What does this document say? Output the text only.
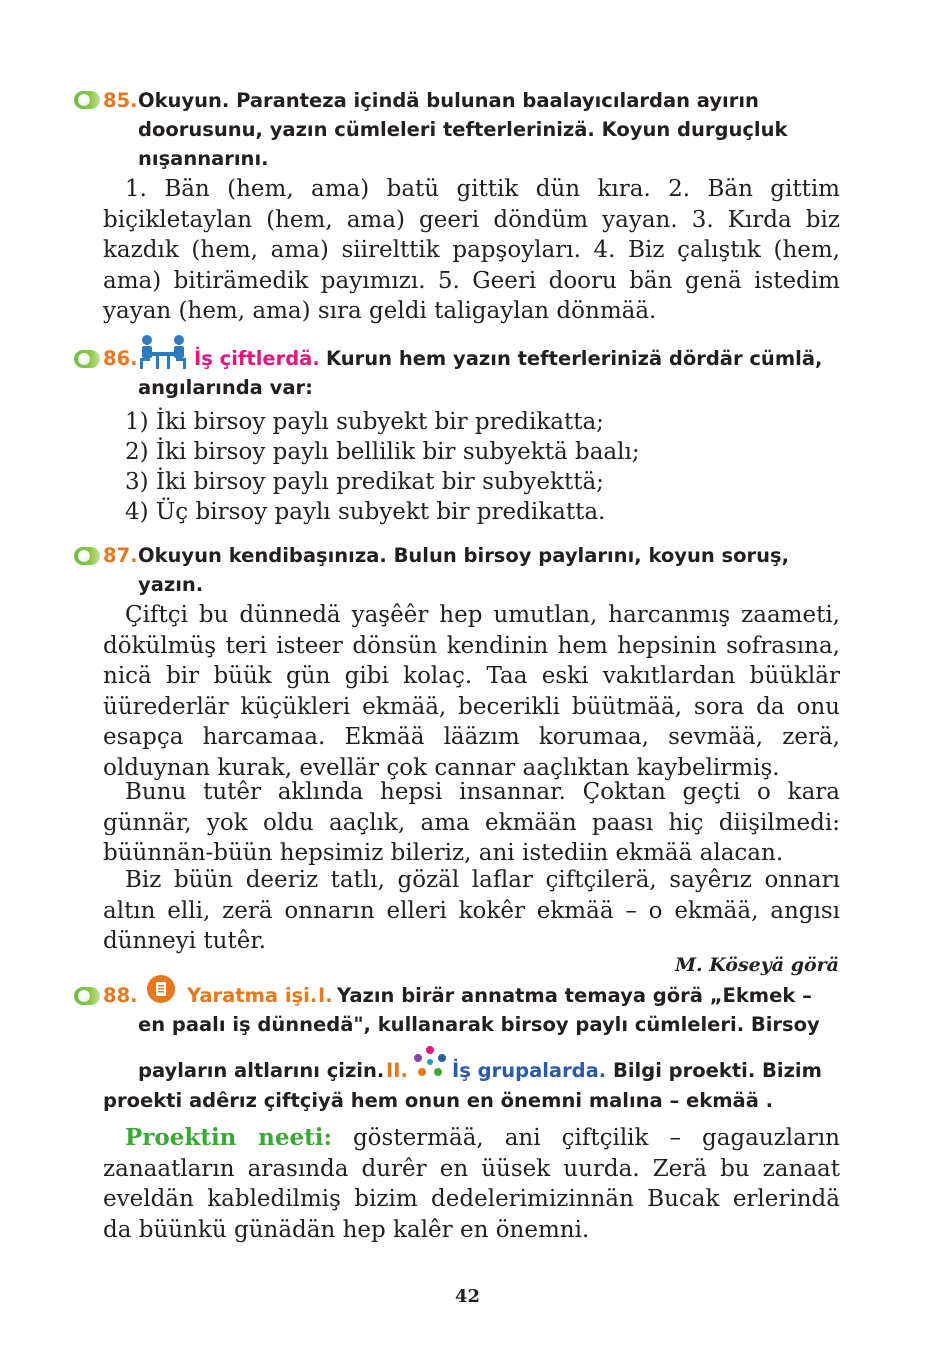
85. Okuyun. Paranteza içindä bulunan baalayıcılardan ayırın
doorusunu, yazın cümleleri tefterlerinizä. Koyun durguçluk
nışannarını.

1. Bän (hem, ama) batü gittik dün kıra. 2. Bän gittim biçikletaylan (hem, ama) geeri döndüm yayan. 3. Kırda biz kazdık (hem, ama) siirelttik papşoyları. 4. Biz çalıştık (hem, ama) bitirämedik payımızı. 5. Geeri dooru bän genä istedim yayan (hem, ama) sıra geldi taligaylan dönmää.

86.	İş çiftlerdä. Kurun hem yazın tefterlerinizä dördär cümlä,
angılarında var:
1) İki birsoy paylı subyekt bir predikatta;
2) İki birsoy paylı bellilik bir subyektä baalı;
3) İki birsoy paylı predikat bir subyekttä;
4) Üç birsoy paylı subyekt bir predikatta.
87. Okuyun kendibaşınıza. Bulun birsoy paylarını, koyun soruş,
yazın.

Çiftçi bu dünnedä yaşêêr hep umutlan, harcanmış zaameti, dökülmüş teri isteer dönsün kendinin hem hepsinin sofrasına, nicä bir büük gün gibi kolaç. Taa eski vakıtlardan büüklär üürederlär küçükleri ekmää, becerikli büütmää, sora da onu esapça harcamaa. Ekmää lääzım korumaa, sevmää, zerä, olduynan kurak, evellär çok cannar aaçlıktan kaybelirmiş.

Bunu tutêr aklında hepsi insannar. Çoktan geçti o kara günnär, yok oldu aaçlık, ama ekmään paası hiç diişilmedi: büünnän-büün hepsimiz bileriz, ani istediin ekmää alacan.

Biz büün deeriz tatlı, gözäl laflar çiftçilerä, sayêrız onnarı altın elli, zerä onnarın elleri kokêr ekmää – o ekmää, angısı dünneyi tutêr.

M. Köseyä görä
88.	Yaratma işi. I. Yazın birär annatma temaya görä „Ekmek –
en paalı iş dünnedä", kullanarak birsoy paylı cümleleri. Birsoy
payların altlarını çizin. II. İş grupalarda. Bilgi proekti. Bizim
proekti adêrız çiftçiyä hem onun en önemni malına – ekmää .

Proektin neeti: göstermää, ani çiftçilik – gagauzların zanaatların arasında durêr en üüsek uurda. Zerä bu zanaat eveldän kabledilmiş bizim dedelerimizinnän Bucak erlerindä da büünkü günädän hep kalêr en önemni.

42
